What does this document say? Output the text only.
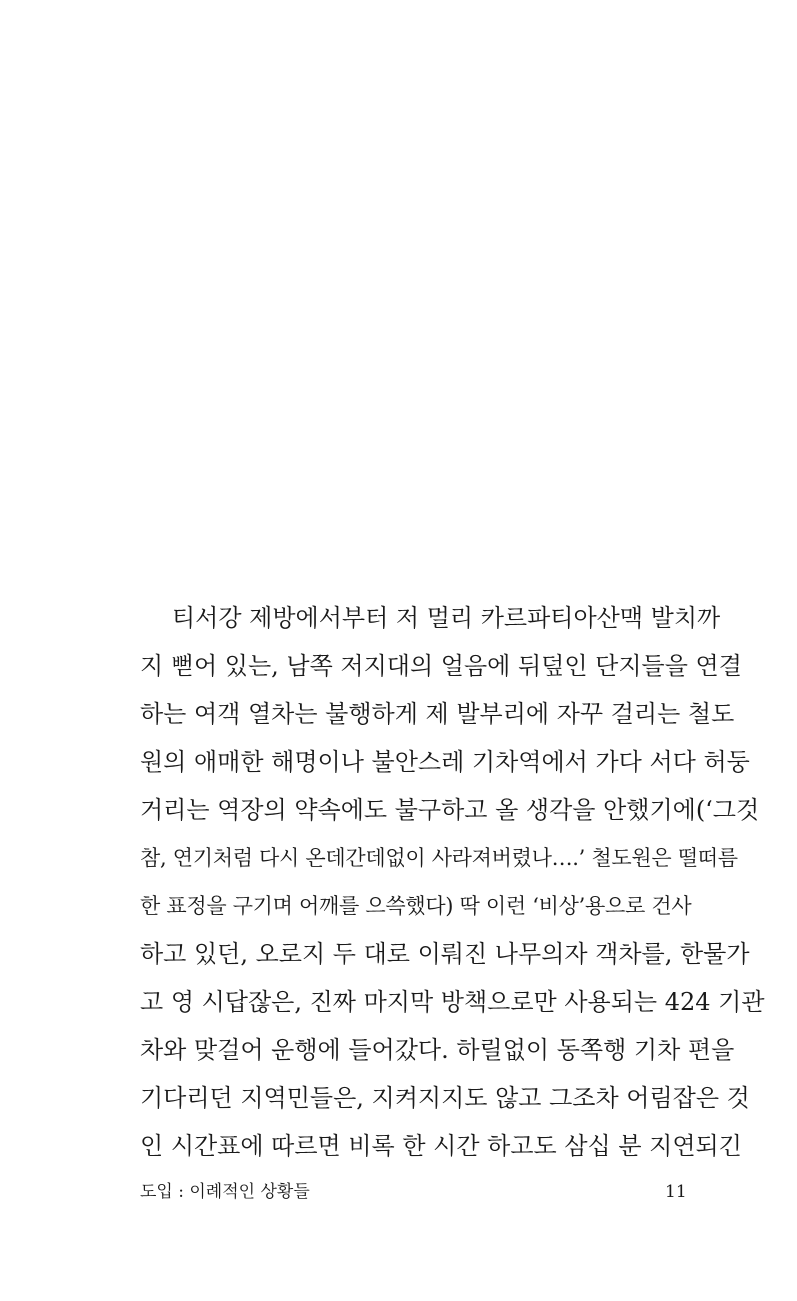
티서강 제방에서부터 저 멀리 카르파티아산맥 발치까
지 뻗어 있는, 남쪽 저지대의 얼음에 뒤덮인 단지들을 연결
하는 여객 열차는 불행하게 제 발부리에 자꾸 걸리는 철도
원의 애매한 해명이나 불안스레 기차역에서 가다 서다 허둥
거리는 역장의 약속에도 불구하고 올 생각을 안했기에(‘그것
참, 연기처럼 다시 온데간데없이 사라져버렸나….’ 철도원은 떨떠름
한 표정을 구기며 어깨를 으쓱했다) 딱 이런 ‘비상’용으로 건사
하고 있던, 오로지 두 대로 이뤄진 나무의자 객차를, 한물가
고 영 시답잖은, 진짜 마지막 방책으로만 사용되는 424 기관
차와 맞걸어 운행에 들어갔다. 하릴없이 동쪽행 기차 편을
기다리던 지역민들은, 지켜지지도 않고 그조차 어림잡은 것
인 시간표에 따르면 비록 한 시간 하고도 삼십 분 지연되긴
도입 : 이례적인 상황들	11
